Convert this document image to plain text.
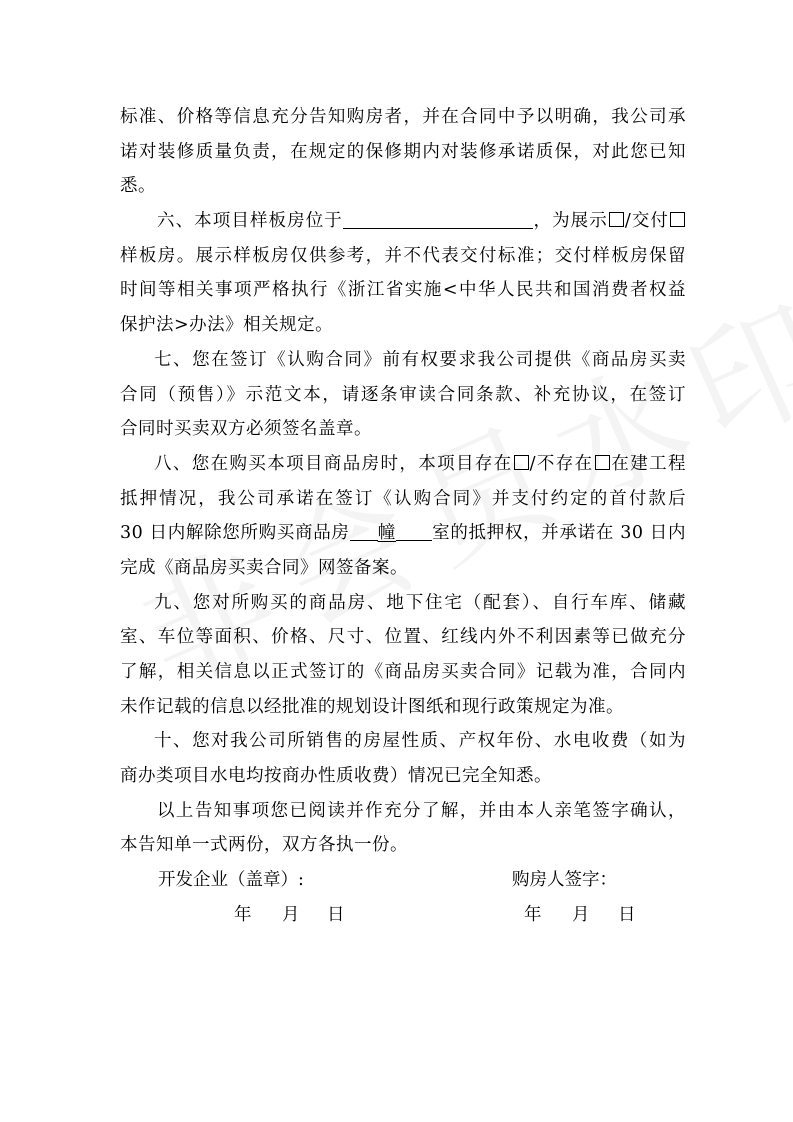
标准、价格等信息充分告知购房者，并在合同中予以明确，我公司承
诺对装修质量负责，在规定的保修期内对装修承诺质保，对此您已知
悉。
六、本项目样板房位于	，为展示 /交付
样板房。展示样板房仅供参考，并不代表交付标准；交付样板房保留
时间等相关事项严格执行《浙江省实施<中华人民共和国消费者权益
保护法>办法》相关规定。
七、您在签订《认购合同》前有权要求我公司提供《商品房买卖
合同（预售）》示范文本，请逐条审读合同条款、补充协议，在签订
合同时买卖双方必须签名盖章。
八、您在购买本项目商品房时，本项目存在 /不存在 在建工程
抵押情况，我公司承诺在签订《认购合同》并支付约定的首付款后
30 日内解除您所购买商品房 幢 室的抵押权，并承诺在 30 日内
完成《商品房买卖合同》网签备案。
九、您对所购买的商品房、地下住宅（配套）、自行车库、储藏
室、车位等面积、价格、尺寸、位置、红线内外不利因素等已做充分
了解，相关信息以正式签订的《商品房买卖合同》记载为准，合同内
未作记载的信息以经批准的规划设计图纸和现行政策规定为准。
十、您对我公司所销售的房屋性质、产权年份、水电收费（如为
商办类项目水电均按商办性质收费）情况已完全知悉。
以上告知事项您已阅读并作充分了解，并由本人亲笔签字确认，
本告知单一式两份，双方各执一份。
开发企业（盖章）:	购房人签字：
年 月 日	年 月 日
